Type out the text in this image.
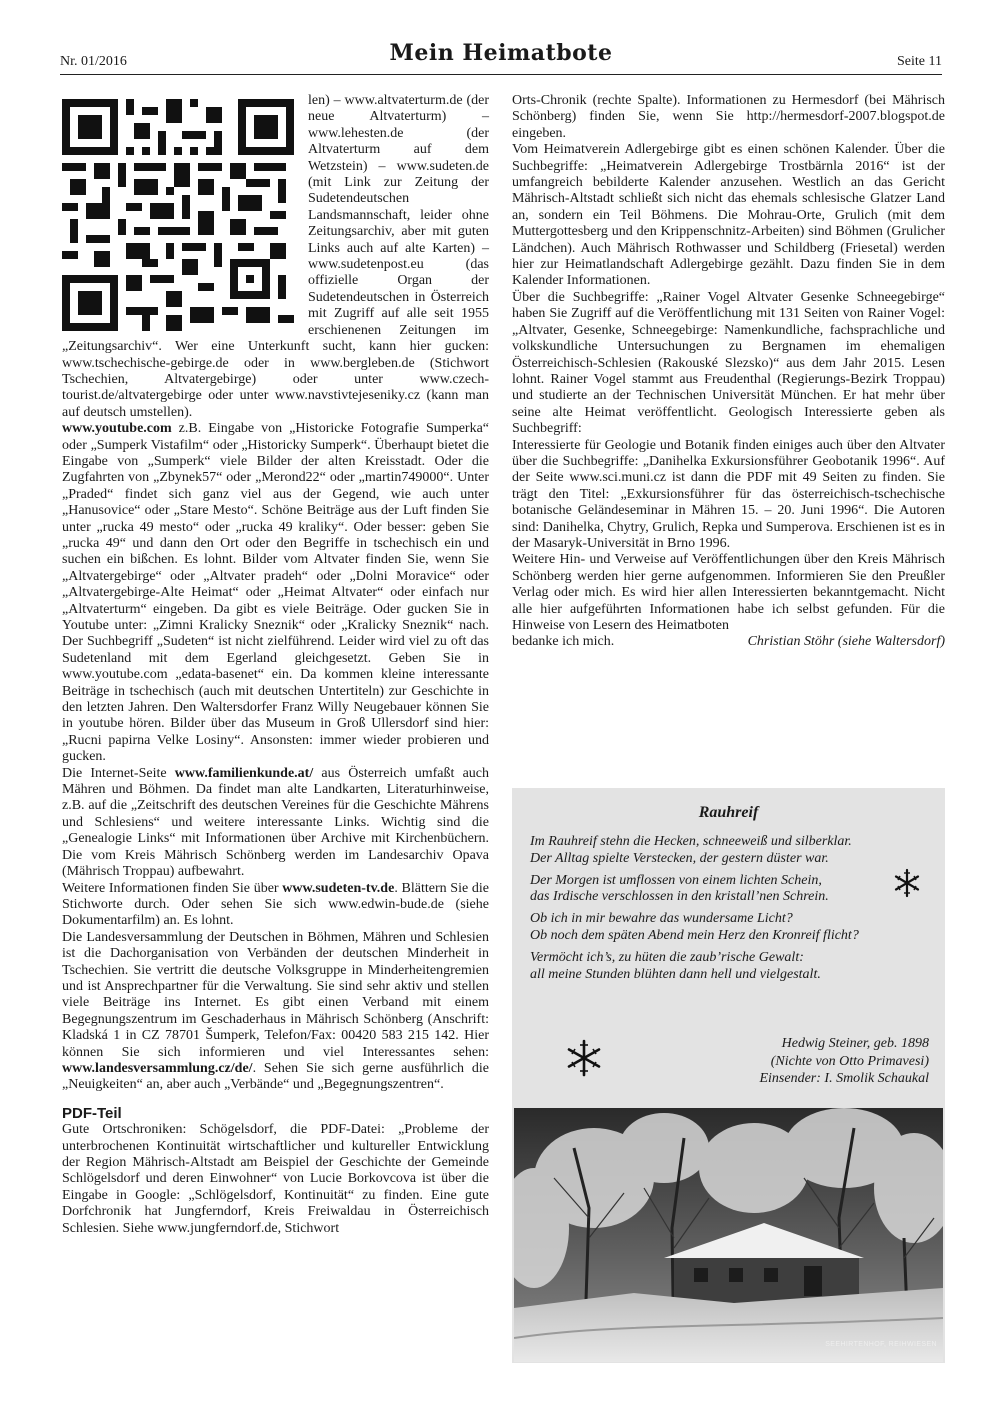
Nr. 01/2016	Mein Heimatbote	Seite 11

len) – www.altvaterturm.de (der neue Altvaterturm) – www.lehesten.de (der Altvaterturm auf dem Wetzstein) – www.sudeten.de (mit Link zur Zeitung der Sudetendeutschen Landsmannschaft, leider ohne Zeitungsarchiv, aber mit guten Links auch auf alte Karten) – www.sudetenpost.eu (das offizielle Organ der Sudetendeutschen in Österreich mit Zugriff auf alle seit 1955 erschienenen Zeitungen im „Zeitungsarchiv“. Wer eine Unterkunft sucht, kann hier gucken: www.tschechische-gebirge.de oder in www.bergleben.de (Stichwort Tschechien, Altvatergebirge) oder unter www.czech-tourist.de/altvatergebirge oder unter www.navstivtejeseniky.cz (kann man auf deutsch umstellen).

www.youtube.com z.B. Eingabe von „Historicke Fotografie Sumperka“ oder „Sumperk Vistafilm“ oder „Historicky Sumperk“. Überhaupt bietet die Eingabe von „Sumperk“ viele Bilder der alten Kreisstadt. Oder die Zugfahrten von „Zbynek57“ oder „Merond22“ oder „martin749000“. Unter „Praded“ findet sich ganz viel aus der Gegend, wie auch unter „Hanusovice“ oder „Stare Mesto“. Schöne Beiträge aus der Luft finden Sie unter „rucka 49 mesto“ oder „rucka 49 kraliky“. Oder besser: geben Sie „rucka 49“ und dann den Ort oder den Begriffe in tschechisch ein und suchen ein bißchen. Es lohnt. Bilder vom Altvater finden Sie, wenn Sie „Altvatergebirge“ oder „Altvater pradeh“ oder „Dolni Moravice“ oder „Altvatergebirge-Alte Heimat“ oder „Heimat Altvater“ oder einfach nur „Altvaterturm“ eingeben. Da gibt es viele Beiträge. Oder gucken Sie in Youtube unter: „Zimni Kralicky Sneznik“ oder „Kralicky Sneznik“ nach. Der Suchbegriff „Sudeten“ ist nicht zielführend. Leider wird viel zu oft das Sudetenland mit dem Egerland gleichgesetzt. Geben Sie in www.youtube.com „edata-basenet“ ein. Da kommen kleine interessante Beiträge in tschechisch (auch mit deutschen Untertiteln) zur Geschichte in den letzten Jahren. Den Waltersdorfer Franz Willy Neugebauer können Sie in youtube hören. Bilder über das Museum in Groß Ullersdorf sind hier: „Rucni papirna Velke Losiny“. Ansonsten: immer wieder probieren und gucken.

Die Internet-Seite www.familienkunde.at/ aus Österreich umfaßt auch Mähren und Böhmen. Da findet man alte Landkarten, Literaturhinweise, z.B. auf die „Zeitschrift des deutschen Vereines für die Geschichte Mährens und Schlesiens“ und weitere interessante Links. Wichtig sind die „Genealogie Links“ mit Informationen über Archive mit Kirchenbüchern. Die vom Kreis Mährisch Schönberg werden im Landesarchiv Opava (Mährisch Troppau) aufbewahrt.

Weitere Informationen finden Sie über www.sudeten-tv.de. Blättern Sie die Stichworte durch. Oder sehen Sie sich www.edwin-bude.de (siehe Dokumentarfilm) an. Es lohnt.

Die Landesversammlung der Deutschen in Böhmen, Mähren und Schlesien ist die Dachorganisation von Verbänden der deutschen Minderheit in Tschechien. Sie vertritt die deutsche Volksgruppe in Minderheitengremien und ist Ansprechpartner für die Verwaltung. Sie sind sehr aktiv und stellen viele Beiträge ins Internet. Es gibt einen Verband mit einem Begegnungszentrum im Geschaderhaus in Mährisch Schönberg (Anschrift: Kladská 1 in CZ 78701 Šumperk, Telefon/Fax: 00420 583 215 142. Hier können Sie sich informieren und viel Interessantes sehen: www.landesversammlung.cz/de/. Sehen Sie sich gerne ausführlich die „Neuigkeiten“ an, aber auch „Verbände“ und „Begegnungszentren“.

PDF-Teil

Gute Ortschroniken: Schögelsdorf, die PDF-Datei: „Probleme der unterbrochenen Kontinuität wirtschaftlicher und kultureller Entwicklung der Region Mährisch-Altstadt am Beispiel der Geschichte der Gemeinde Schlögelsdorf und deren Einwohner“ von Lucie Borkovcova ist über die Eingabe in Google: „Schlögelsdorf, Kontinuität“ zu finden. Eine gute Dorfchronik hat Jungferndorf, Kreis Freiwaldau in Österreichisch Schlesien. Siehe www.jungferndorf.de, Stichwort

Orts-Chronik (rechte Spalte). Informationen zu Hermesdorf (bei Mährisch Schönberg) finden Sie, wenn Sie http://hermesdorf-2007.blogspot.de eingeben.

Vom Heimatverein Adlergebirge gibt es einen schönen Kalender. Über die Suchbegriffe: „Heimatverein Adlergebirge Trostbärnla 2016“ ist der umfangreich bebilderte Kalender anzusehen. Westlich an das Gericht Mährisch-Altstadt schließt sich nicht das ehemals schlesische Glatzer Land an, sondern ein Teil Böhmens. Die Mohrau-Orte, Grulich (mit dem Muttergottesberg und den Krippenschnitz-Arbeiten) sind Böhmen (Grulicher Ländchen). Auch Mährisch Rothwasser und Schildberg (Friesetal) werden hier zur Heimatlandschaft Adlergebirge gezählt. Dazu finden Sie in dem Kalender Informationen.

Über die Suchbegriffe: „Rainer Vogel Altvater Gesenke Schneegebirge“ haben Sie Zugriff auf die Veröffentlichung mit 131 Seiten von Rainer Vogel: „Altvater, Gesenke, Schneegebirge: Namenkundliche, fachsprachliche und volkskundliche Untersuchungen zu Bergnamen im ehemaligen Österreichisch-Schlesien (Rakouské Slezsko)“ aus dem Jahr 2015. Lesen lohnt. Rainer Vogel stammt aus Freudenthal (Regierungs-Bezirk Troppau) und studierte an der Technischen Universität München. Er hat mehr über seine alte Heimat veröffentlicht. Geologisch Interessierte geben als Suchbegriff:

Interessierte für Geologie und Botanik finden einiges auch über den Altvater über die Suchbegriffe: „Danihelka Exkursionsführer Geobotanik 1996“. Auf der Seite www.sci.muni.cz ist dann die PDF mit 49 Seiten zu finden. Sie trägt den Titel: „Exkursionsführer für das österreichisch-tschechische botanische Geländeseminar in Mähren 15. – 20. Juni 1996“. Die Autoren sind: Danihelka, Chytry, Grulich, Repka und Sumperova. Erschienen ist es in der Masaryk-Universität in Brno 1996.

Weitere Hin- und Verweise auf Veröffentlichungen über den Kreis Mährisch Schönberg werden hier gerne aufgenommen. Informieren Sie den Preußler Verlag oder mich. Es wird hier allen Interessierten bekanntgemacht. Nicht alle hier aufgeführten Informationen habe ich selbst gefunden. Für die Hinweise von Lesern des Heimatboten

bedanke ich mich.	Christian Stöhr (siehe Waltersdorf)
Rauhreif

Im Rauhreif stehn die Hecken, schneeweiß und silberklar.
Der Alltag spielte Verstecken, der gestern düster war.

Der Morgen ist umflossen von einem lichten Schein,
das Irdische verschlossen in den kristall’nen Schrein.

Ob ich in mir bewahre das wundersame Licht?
Ob noch dem späten Abend mein Herz den Kronreif flicht?

Vermöcht ich’s, zu hüten die zaub’rische Gewalt:
all meine Stunden blühten dann hell und vielgestalt.

Hedwig Steiner, geb. 1898
(Nichte von Otto Primavesi)
Einsender: I. Smolik Schaukal
SEEHIRTENHOF, REIHWIESEN
